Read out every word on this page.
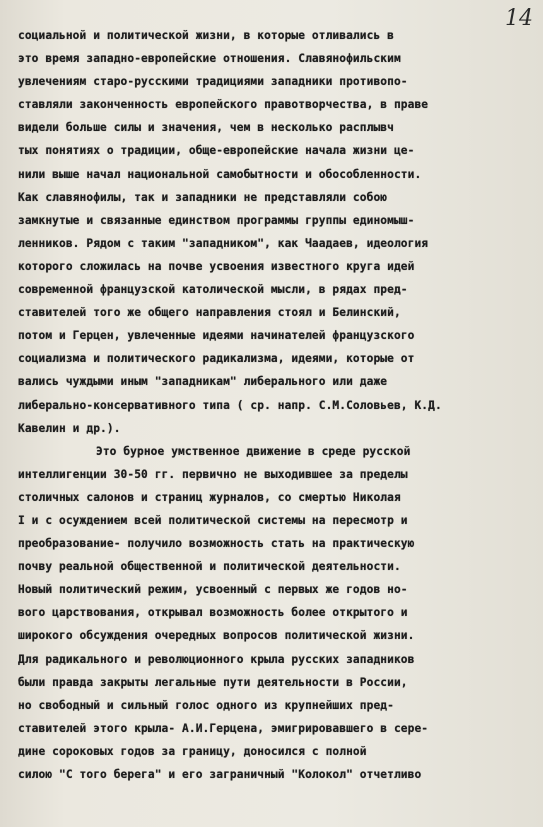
14
социальной и политической жизни, в которые отливались в
это время западно-европейские отношения. Славянофильским
увлечениям старо-русскими традициями западники противопо-
ставляли законченность европейского правотворчества, в праве
видели больше силы и значения, чем в несколько расплывч
тых понятиях о традиции, обще-европейские начала жизни це-
нили выше начал национальной самобытности и обособленности.
Как славянофилы, так и западники не представляли собою
замкнутые и связанные единством программы группы единомыш-
ленников. Рядом с таким "западником", как Чаадаев, идеология
которого сложилась на почве усвоения известного круга идей
современной французской католической мысли, в рядах пред-
ставителей того же общего направления стоял и Белинский,
потом и Герцен, увлеченные идеями начинателей французского
социализма и политического радикализма, идеями, которые от
вались чуждыми иным "западникам" либерального или даже
либерально-консервативного типа ( ср. напр. С.М.Соловьев, К.Д.
Кавелин и др.).
Это бурное умственное движение в среде русской
интеллигенции 30-50 гг. первично не выходившее за пределы
столичных салонов и страниц журналов, со смертью Николая
I и с осуждением всей политической системы на пересмотр и
преобразование- получило возможность стать на практическую
почву реальной общественной и политической деятельности.
Новый политический режим, усвоенный с первых же годов но-
вого царствования, открывал возможность более открытого и
широкого обсуждения очередных вопросов политической жизни.
Для радикального и революционного крыла русских западников
были правда закрыты легальные пути деятельности в России,
но свободный и сильный голос одного из крупнейших пред-
ставителей этого крыла- А.И.Герцена, эмигрировавшего в сере-
дине сороковых годов за границу, доносился с полной
силою "С того берега" и его заграничный "Колокол" отчетливо
